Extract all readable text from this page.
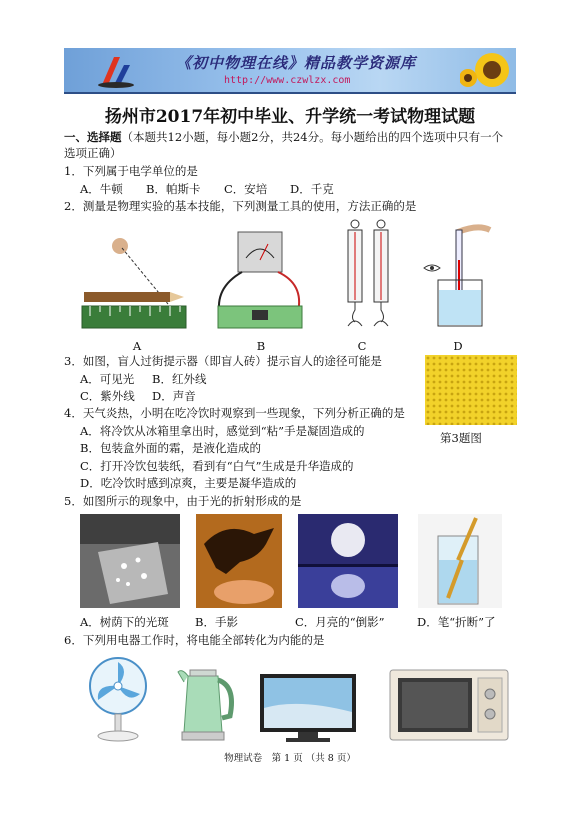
《初中物理在线》精品教学资源库
http://www.czwlzx.com
扬州市2017年初中毕业、升学统一考试物理试题
一、选择题（本题共12小题，每小题2分，共24分。每小题给出的四个选项中只有一个
选项正确）
1．下列属于电学单位的是
A．牛顿 B．帕斯卡 C．安培 D．千克
2．测量是物理实验的基本技能，下列测量工具的使用，方法正确的是
A	B	C	D
3．如图，盲人过街提示器（即盲人砖）提示盲人的途径可能是
A．可见光 B．红外线
C．紫外线 D．声音
第3题图
4．天气炎热，小明在吃冷饮时观察到一些现象，下列分析正确的是
A．将冷饮从冰箱里拿出时，感觉到“粘”手是凝固造成的
B．包装盒外面的霜，是液化造成的
C．打开冷饮包装纸，看到有“白气”生成是升华造成的
D．吃冷饮时感到凉爽，主要是凝华造成的
5．如图所示的现象中，由于光的折射形成的是
A．树荫下的光斑 B．手影	C．月亮的“倒影”	D．笔“折断”了
6．下列用电器工作时，将电能全部转化为内能的是
物理试卷　第 1 页 （共 8 页）
